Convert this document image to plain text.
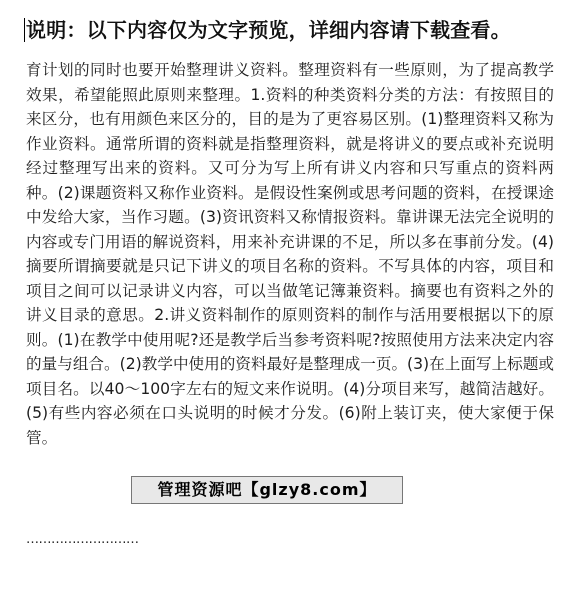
说明：以下内容仅为文字预览，详细内容请下载查看。

育计划的同时也要开始整理讲义资料。整理资料有一些原则，为了提高教学效果，希望能照此原则来整理。1.资料的种类资料分类的方法：有按照目的来区分，也有用颜色来区分的，目的是为了更容易区别。(1)整理资料又称为作业资料。通常所谓的资料就是指整理资料，就是将讲义的要点或补充说明经过整理写出来的资料。又可分为写上所有讲义内容和只写重点的资料两种。(2)课题资料又称作业资料。是假设性案例或思考问题的资料，在授课途中发给大家，当作习题。(3)资讯资料又称情报资料。靠讲课无法完全说明的内容或专门用语的解说资料，用来补充讲课的不足，所以多在事前分发。(4)摘要所谓摘要就是只记下讲义的项目名称的资料。不写具体的内容，项目和项目之间可以记录讲义内容，可以当做笔记簿兼资料。摘要也有资料之外的讲义目录的意思。2.讲义资料制作的原则资料的制作与活用要根据以下的原则。(1)在教学中使用呢?还是教学后当参考资料呢?按照使用方法来决定内容的量与组合。(2)教学中使用的资料最好是整理成一页。(3)在上面写上标题或项目名。以40～100字左右的短文来作说明。(4)分项目来写，越简洁越好。(5)有些内容必须在口头说明的时候才分发。(6)附上装订夹，使大家便于保管。

管理资源吧【glzy8.com】
………………………
